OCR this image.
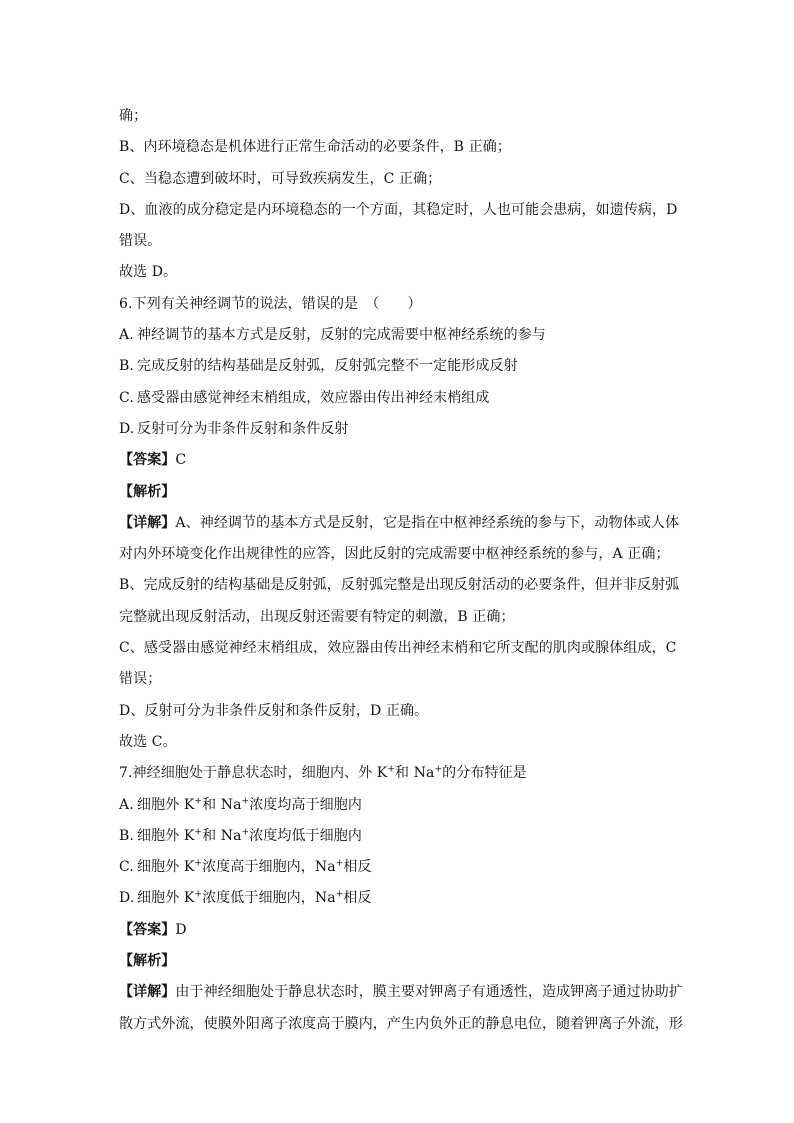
确；
B、内环境稳态是机体进行正常生命活动的必要条件，B 正确；
C、当稳态遭到破坏时，可导致疾病发生，C 正确；
D、血液的成分稳定是内环境稳态的一个方面，其稳定时，人也可能会患病，如遗传病，D
错误。
故选 D。
6.下列有关神经调节的说法，错误的是　（　　）
A. 神经调节的基本方式是反射，反射的完成需要中枢神经系统的参与
B. 完成反射的结构基础是反射弧，反射弧完整不一定能形成反射
C. 感受器由感觉神经末梢组成，效应器由传出神经末梢组成
D. 反射可分为非条件反射和条件反射
【答案】C
【解析】
【详解】A、神经调节的基本方式是反射，它是指在中枢神经系统的参与下，动物体或人体
对内外环境变化作出规律性的应答，因此反射的完成需要中枢神经系统的参与，A 正确；
B、完成反射的结构基础是反射弧，反射弧完整是出现反射活动的必要条件，但并非反射弧
完整就出现反射活动，出现反射还需要有特定的刺激，B 正确；
C、感受器由感觉神经末梢组成，效应器由传出神经末梢和它所支配的肌肉或腺体组成，C
错误；
D、反射可分为非条件反射和条件反射，D 正确。
故选 C。
7.神经细胞处于静息状态时，细胞内、外 K+和 Na+的分布特征是
A. 细胞外 K+和 Na+浓度均高于细胞内
B. 细胞外 K+和 Na+浓度均低于细胞内
C. 细胞外 K+浓度高于细胞内，Na+相反
D. 细胞外 K+浓度低于细胞内，Na+相反
【答案】D
【解析】
【详解】由于神经细胞处于静息状态时，膜主要对钾离子有通透性，造成钾离子通过协助扩
散方式外流，使膜外阳离子浓度高于膜内，产生内负外正的静息电位，随着钾离子外流，形
